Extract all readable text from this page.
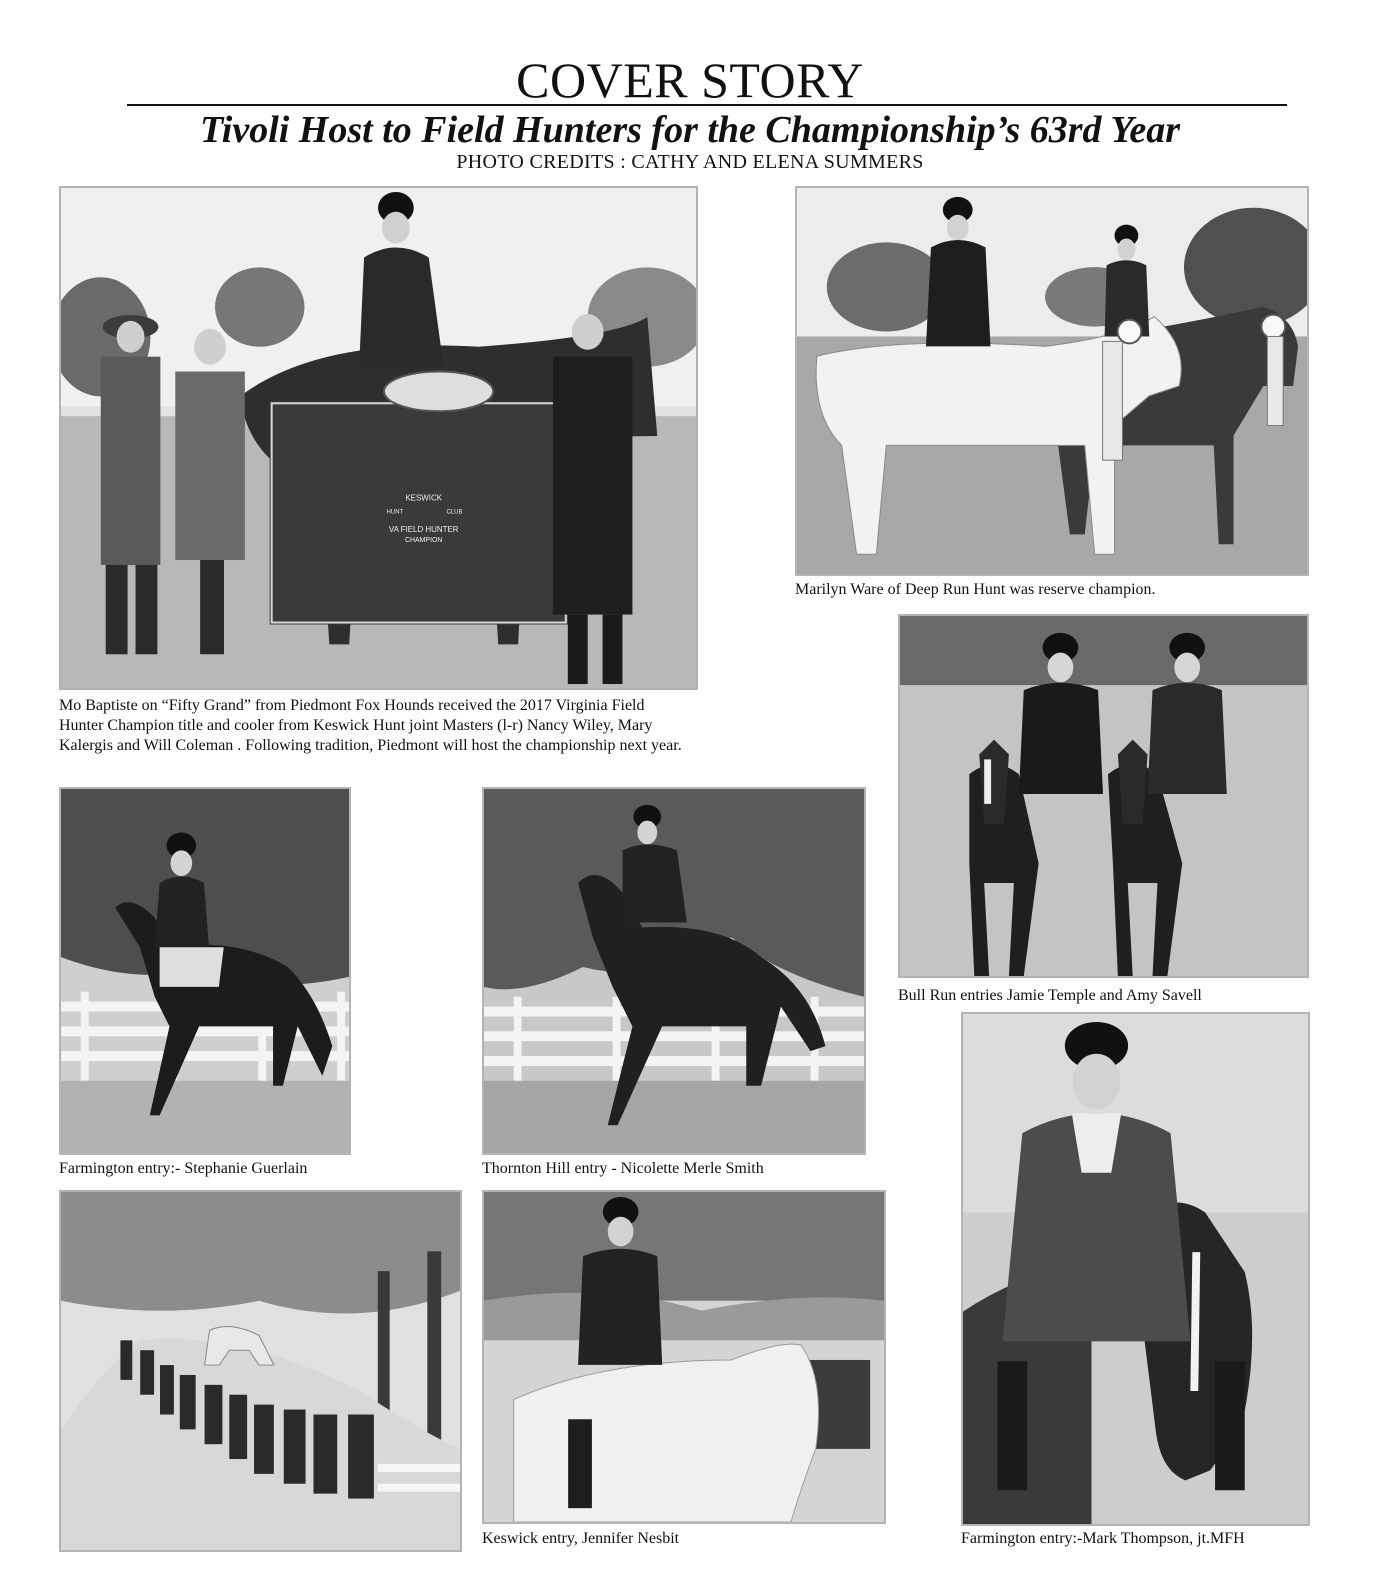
COVER STORY
Tivoli Host to Field Hunters for the Championship’s 63rd Year
PHOTO CREDITS : CATHY AND ELENA SUMMERS
KESWICK
HUNT	CLUB
VA FIELD HUNTER
CHAMPION
Mo Baptiste on “Fifty Grand” from Piedmont Fox Hounds received the 2017 Virginia Field Hunter Champion title and cooler from Keswick Hunt joint Masters (l-r) Nancy Wiley, Mary Kalergis and Will Coleman . Following tradition, Piedmont will host the championship next year.
Marilyn Ware of Deep Run Hunt was reserve champion.
Bull Run entries Jamie Temple and Amy Savell
Farmington entry:- Stephanie Guerlain	Thornton Hill entry - Nicolette Merle Smith
Keswick entry, Jennifer Nesbit	Farmington entry:-Mark Thompson, jt.MFH
